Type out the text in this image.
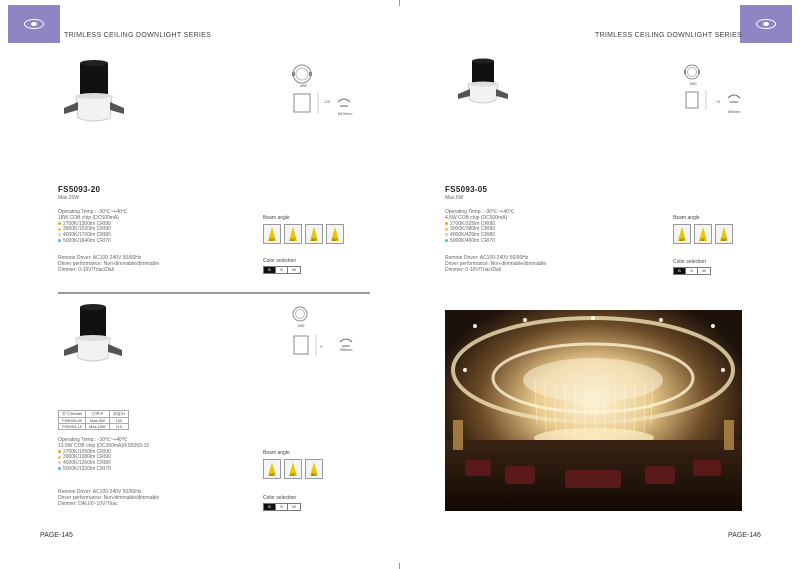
TRIMLESS CEILING DOWNLIGHT SERIES	TRIMLESS CEILING DOWNLIGHT SERIES
Ø95
125
Ø100mm
FS5093-20
Max.20W
Operating Temp.: -30℃~+40℃
18W COB chip (DC500mA)
2700K/1300lm CRI90
3000K/1520lm CRI90
4000K/1700lm CRI80
5000K/1840lm CRI70
Remote Driver: AC100-240V 50/60Hz
Driver performance: Non-dimmable/dimmable
Dimmer: 0-10V/Triac/Dali
Beam angle
15°	24°	36°	60°
Color selection
B	S	W
Ø82
H
Ø85mm
型号/Model	功率/P	高度/H
FS5093-09	Max.9W	100
FS5093-15	Max.15W	115
Operating Temp.: -30℃~+40℃
13.5W COB chip (DC350mA)/FS5093-15
2700K/1050lm CRI90
3000K/1080lm CRI90
4000K/1260lm CRI80
5000K/1320lm CRI70
Remote Driver: AC100-240V 50/60Hz
Driver performance: Non-dimmable/dimmable
Dimmer: DALI/0~10V/Triac
Beam angle
15°	24°	36°
Color selection
B	S	W
PAGE-145
Ø60
75
Ø60mm
FS5093-05
Max.5W
Operating Temp.: -30℃~+40℃
4.5W COB chip (DC500mA)
2700K/325lm CRI90
3000K/380lm CRI90
4000K/425lm CRI80
5000K/460lm CRI70
Remote Driver: AC100-240V 50/60Hz
Driver performance: Non-dimmable/dimmable
Dimmer: 0-10V/Triac/Dali
Beam angle
15°	24°	36°
Color selection
B	S	W
PAGE-146
